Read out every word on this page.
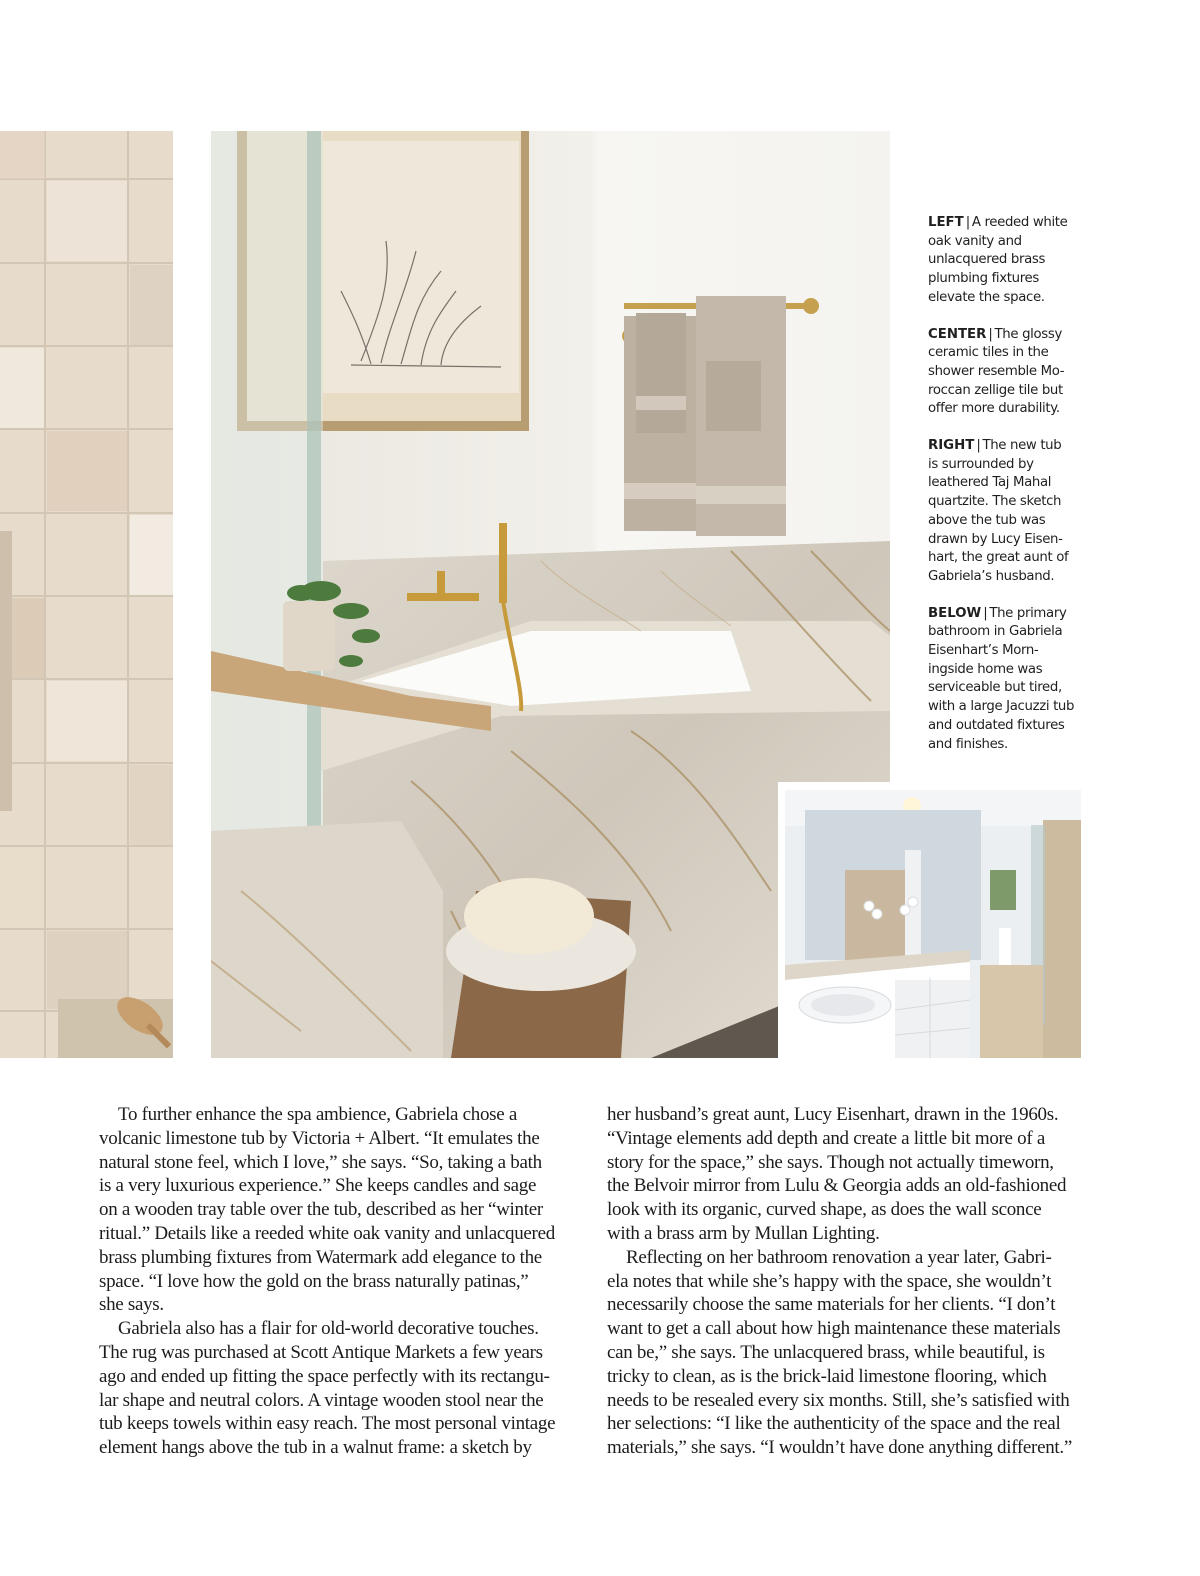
LEFT | A reeded white
oak vanity and
unlacquered brass
plumbing fixtures
elevate the space.
CENTER | The glossy
ceramic tiles in the
shower resemble Mo-
roccan zellige tile but
offer more durability.
RIGHT | The new tub
is surrounded by
leathered Taj Mahal
quartzite. The sketch
above the tub was
drawn by Lucy Eisen-
hart, the great aunt of
Gabriela’s husband.
BELOW | The primary
bathroom in Gabriela
Eisenhart’s Morn-
ingside home was
serviceable but tired,
with a large Jacuzzi tub
and outdated fixtures
and finishes.
To further enhance the spa ambience, Gabriela chose a
volcanic limestone tub by Victoria + Albert. “It emulates the
natural stone feel, which I love,” she says. “So, taking a bath
is a very luxurious experience.” She keeps candles and sage
on a wooden tray table over the tub, described as her “winter
ritual.” Details like a reeded white oak vanity and unlacquered
brass plumbing fixtures from Watermark add elegance to the
space. “I love how the gold on the brass naturally patinas,”
she says.
Gabriela also has a flair for old-world decorative touches.
The rug was purchased at Scott Antique Markets a few years
ago and ended up fitting the space perfectly with its rectangu-
lar shape and neutral colors. A vintage wooden stool near the
tub keeps towels within easy reach. The most personal vintage
element hangs above the tub in a walnut frame: a sketch by
her husband’s great aunt, Lucy Eisenhart, drawn in the 1960s.
“Vintage elements add depth and create a little bit more of a
story for the space,” she says. Though not actually timeworn,
the Belvoir mirror from Lulu & Georgia adds an old-fashioned
look with its organic, curved shape, as does the wall sconce
with a brass arm by Mullan Lighting.
Reflecting on her bathroom renovation a year later, Gabri-
ela notes that while she’s happy with the space, she wouldn’t
necessarily choose the same materials for her clients. “I don’t
want to get a call about how high maintenance these materials
can be,” she says. The unlacquered brass, while beautiful, is
tricky to clean, as is the brick-laid limestone flooring, which
needs to be resealed every six months. Still, she’s satisfied with
her selections: “I like the authenticity of the space and the real
materials,” she says. “I wouldn’t have done anything different.”
